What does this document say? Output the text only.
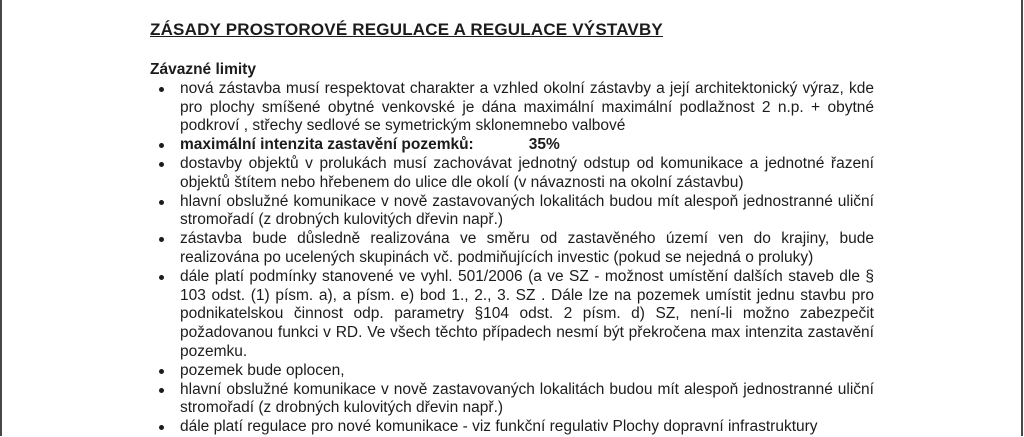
ZÁSADY PROSTOROVÉ REGULACE A REGULACE VÝSTAVBY
Závazné limity
nová zástavba musí respektovat charakter a vzhled okolní zástavby a její architektonický výraz, kde pro plochy smíšené obytné venkovské je dána maximální maximální podlažnost 2 n.p. + obytné podkroví , střechy sedlové se symetrickým sklonemnebo valbové
maximální intenzita zastavění pozemků:	35%
dostavby objektů v prolukách musí zachovávat jednotný odstup od komunikace a jednotné řazení objektů štítem nebo hřebenem do ulice dle okolí (v návaznosti na okolní zástavbu)
hlavní obslužné komunikace v nově zastavovaných lokalitách budou mít alespoň jednostranné uliční stromořadí (z drobných kulovitých dřevin např.)
zástavba bude důsledně realizována ve směru od zastavěného území ven do krajiny, bude realizována po ucelených skupinách vč. podmiňujících investic (pokud se nejedná o proluky)
dále platí podmínky stanovené ve vyhl. 501/2006 (a ve SZ - možnost umístění dalších staveb dle § 103 odst. (1) písm. a), a písm. e) bod 1., 2., 3. SZ . Dále lze na pozemek umístit jednu stavbu pro podnikatelskou činnost odp. parametry §104 odst. 2 písm. d) SZ, není-li možno zabezpečit požadovanou funkci v RD. Ve všech těchto případech nesmí být překročena max intenzita zastavění pozemku.
pozemek bude oplocen,
hlavní obslužné komunikace v nově zastavovaných lokalitách budou mít alespoň jednostranné uliční stromořadí (z drobných kulovitých dřevin např.)
dále platí regulace pro nové komunikace - viz funkční regulativ Plochy dopravní infrastruktury
